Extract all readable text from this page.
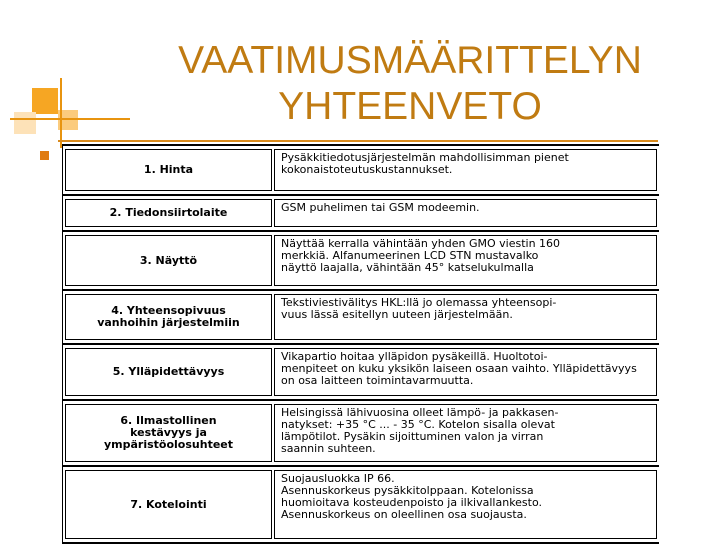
VAATIMUSMÄÄRITTELYN
YHTEENVETO
1. Hinta
Pysäkkitiedotusjärjestelmän mahdollisimman pienet
kokonaistoteutuskustannukset.
2. Tiedonsiirtolaite	GSM puhelimen tai GSM modeemin.
3. Näyttö
Näyttää kerralla vähintään yhden GMO viestin 160
merkkiä. Alfanumeerinen LCD STN mustavalko
näyttö laajalla, vähintään 45° katselukulmalla
4. Yhteensopivuus
vanhoihin järjestelmiin
Tekstiviestivälitys HKL:llä jo olemassa yhteensopi-
vuus lässä esitellyn uuteen järjestelmään.
5. Ylläpidettävyys
Vikapartio hoitaa ylläpidon pysäkeillä. Huoltotoi-
menpiteet on kuku yksikön laiseen osaan vaihto. Ylläpidettävyys on osa laitteen toimintavarmuutta.
6. Ilmastollinen
kestävyys ja
ympäristöolosuhteet
Helsingissä lähivuosina olleet lämpö- ja pakkasen-
natykset: +35 °C ... - 35 °C. Kotelon sisalla olevat
lämpötilot. Pysäkin sijoittuminen valon ja virran
saannin suhteen.
7. Kotelointi
Suojausluokka IP 66.
Asennuskorkeus pysäkkitolppaan. Kotelonissa
huomioitava kosteudenpoisto ja ilkivallankesto.
Asennuskorkeus on oleellinen osa suojausta.
